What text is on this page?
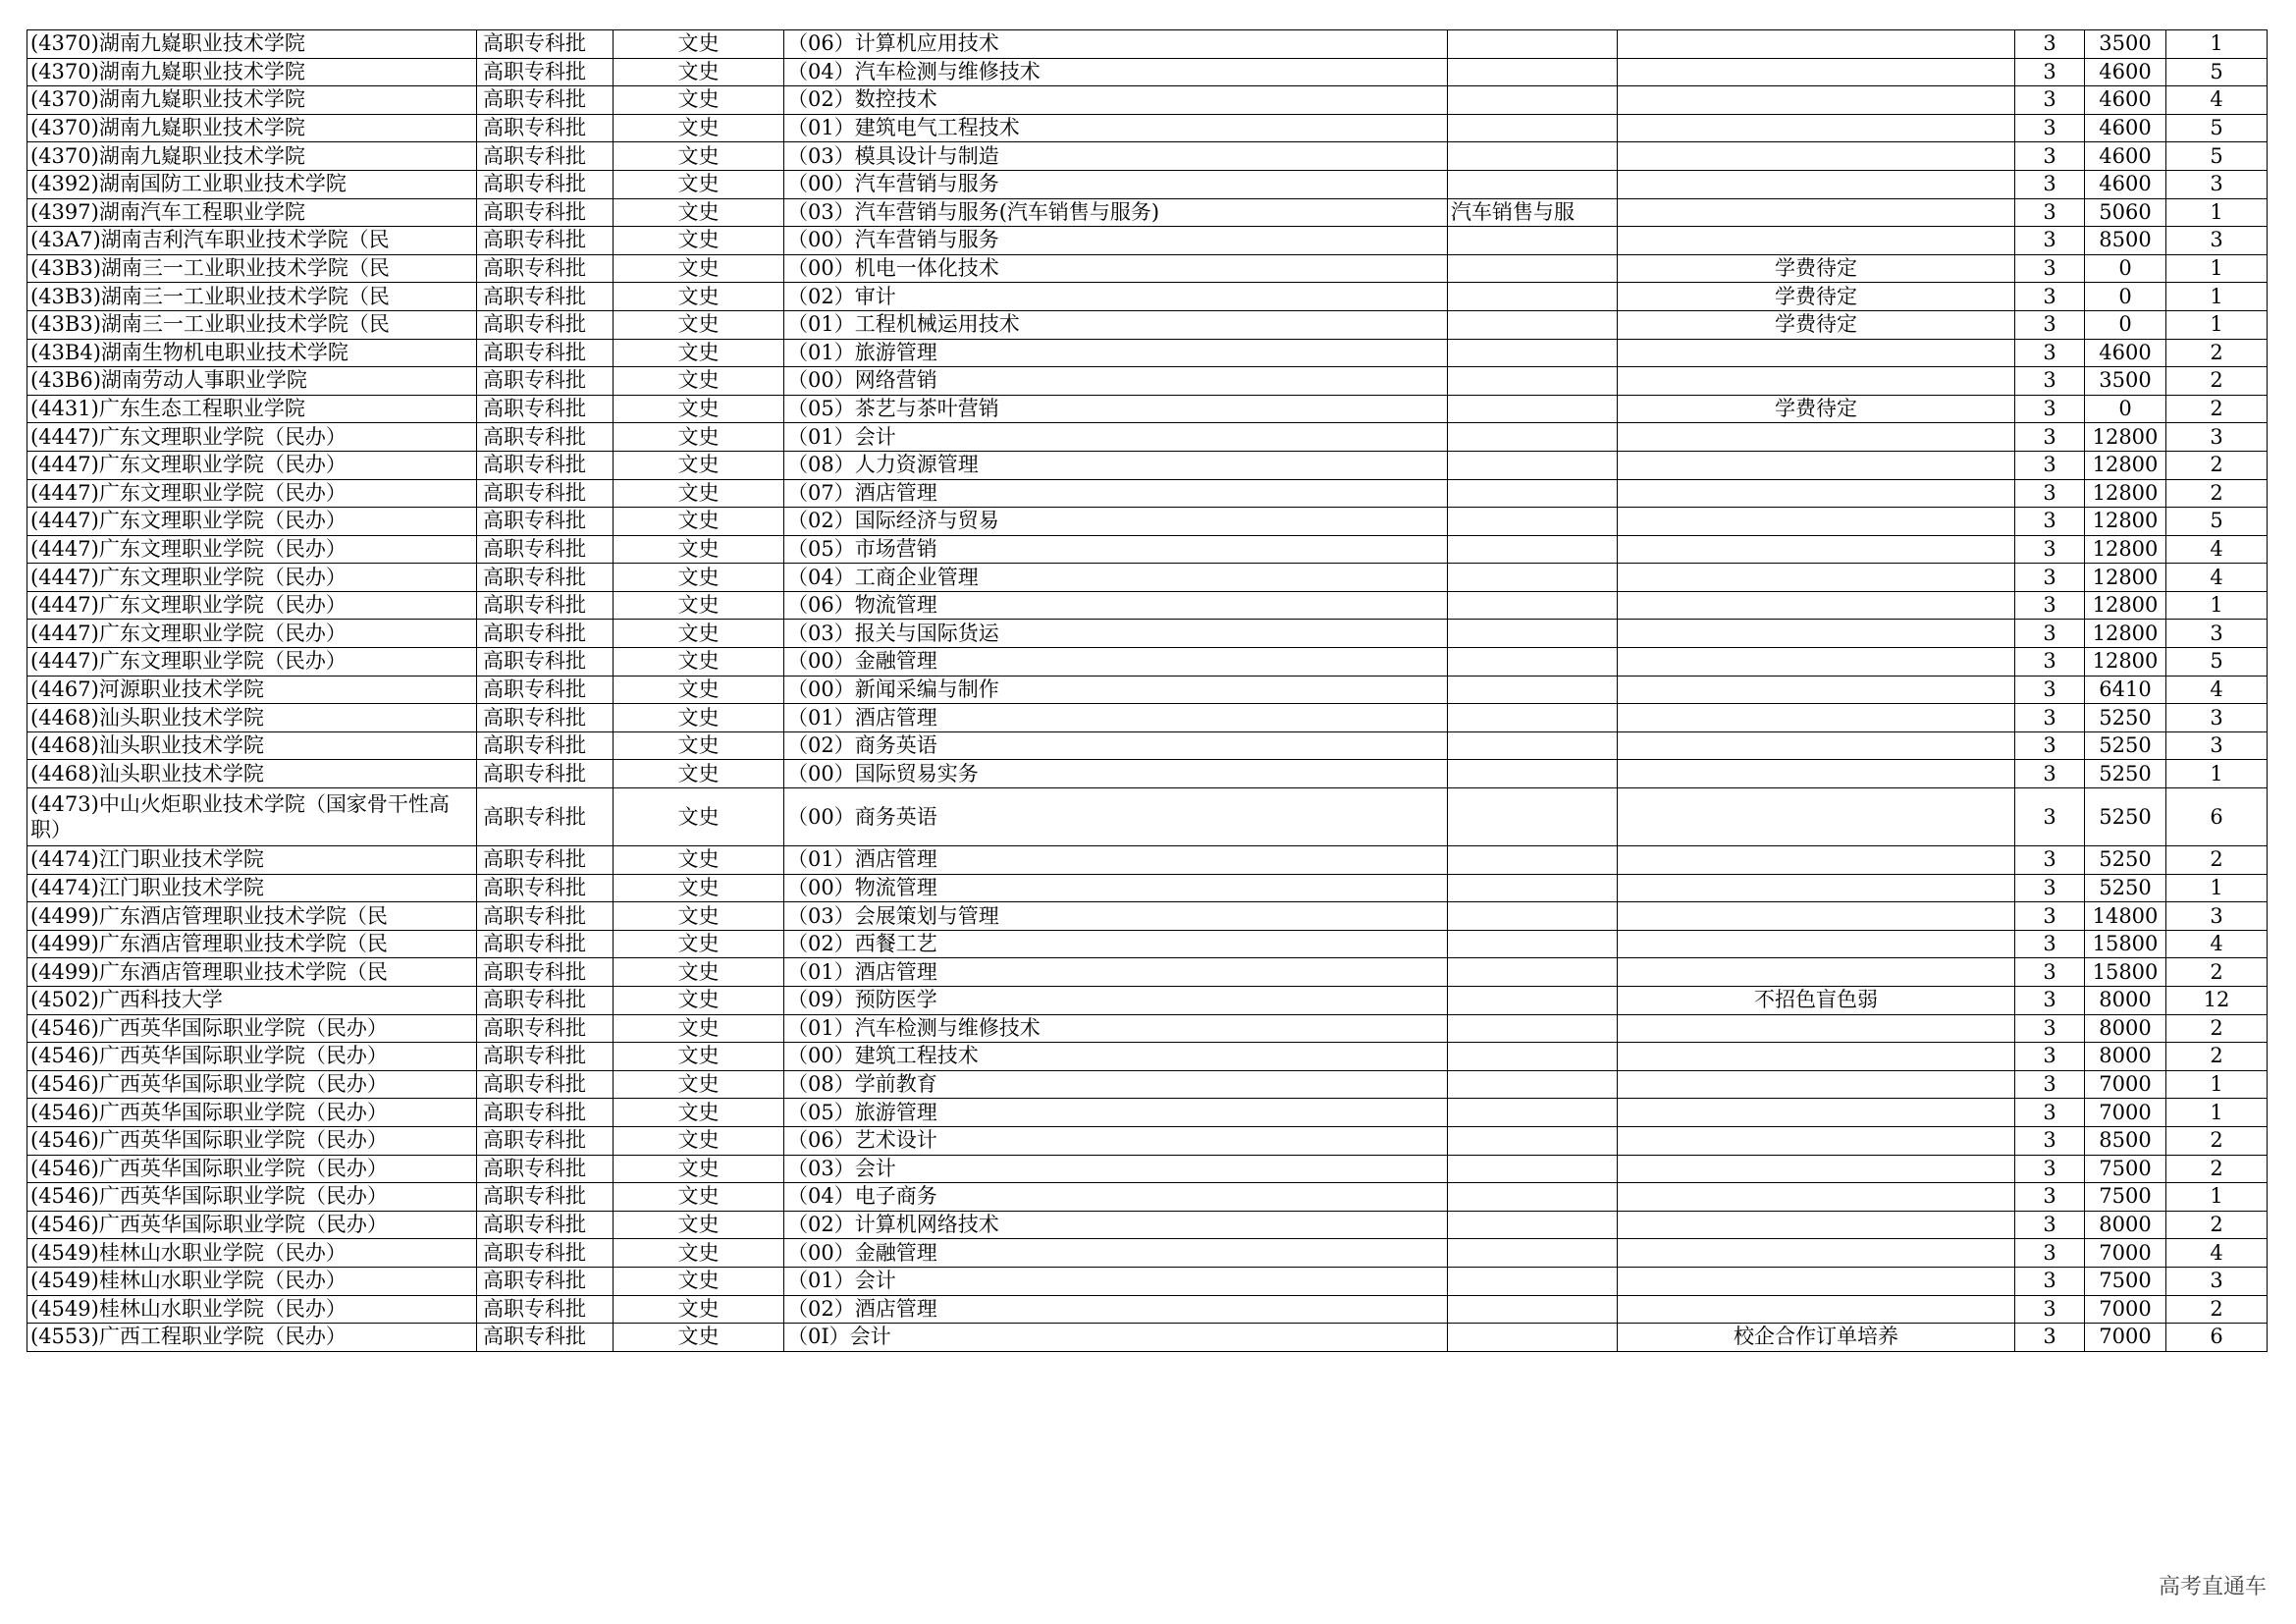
(4370)湖南九嶷职业技术学院	高职专科批	文史	（06）计算机应用技术			3	3500	1
(4370)湖南九嶷职业技术学院	高职专科批	文史	（04）汽车检测与维修技术			3	4600	5
(4370)湖南九嶷职业技术学院	高职专科批	文史	（02）数控技术			3	4600	4
(4370)湖南九嶷职业技术学院	高职专科批	文史	（01）建筑电气工程技术			3	4600	5
(4370)湖南九嶷职业技术学院	高职专科批	文史	（03）模具设计与制造			3	4600	5
(4392)湖南国防工业职业技术学院	高职专科批	文史	（00）汽车营销与服务			3	4600	3
(4397)湖南汽车工程职业学院	高职专科批	文史	（03）汽车营销与服务(汽车销售与服务)	汽车销售与服		3	5060	1
(43A7)湖南吉利汽车职业技术学院（民	高职专科批	文史	（00）汽车营销与服务			3	8500	3
(43B3)湖南三一工业职业技术学院（民	高职专科批	文史	（00）机电一体化技术		学费待定	3	0	1
(43B3)湖南三一工业职业技术学院（民	高职专科批	文史	（02）审计		学费待定	3	0	1
(43B3)湖南三一工业职业技术学院（民	高职专科批	文史	（01）工程机械运用技术		学费待定	3	0	1
(43B4)湖南生物机电职业技术学院	高职专科批	文史	（01）旅游管理			3	4600	2
(43B6)湖南劳动人事职业学院	高职专科批	文史	（00）网络营销			3	3500	2
(4431)广东生态工程职业学院	高职专科批	文史	（05）茶艺与茶叶营销		学费待定	3	0	2
(4447)广东文理职业学院（民办）	高职专科批	文史	（01）会计			3	12800	3
(4447)广东文理职业学院（民办）	高职专科批	文史	（08）人力资源管理			3	12800	2
(4447)广东文理职业学院（民办）	高职专科批	文史	（07）酒店管理			3	12800	2
(4447)广东文理职业学院（民办）	高职专科批	文史	（02）国际经济与贸易			3	12800	5
(4447)广东文理职业学院（民办）	高职专科批	文史	（05）市场营销			3	12800	4
(4447)广东文理职业学院（民办）	高职专科批	文史	（04）工商企业管理			3	12800	4
(4447)广东文理职业学院（民办）	高职专科批	文史	（06）物流管理			3	12800	1
(4447)广东文理职业学院（民办）	高职专科批	文史	（03）报关与国际货运			3	12800	3
(4447)广东文理职业学院（民办）	高职专科批	文史	（00）金融管理			3	12800	5
(4467)河源职业技术学院	高职专科批	文史	（00）新闻采编与制作			3	6410	4
(4468)汕头职业技术学院	高职专科批	文史	（01）酒店管理			3	5250	3
(4468)汕头职业技术学院	高职专科批	文史	（02）商务英语			3	5250	3
(4468)汕头职业技术学院	高职专科批	文史	（00）国际贸易实务			3	5250	1
(4473)中山火炬职业技术学院（国家骨干性高职）	高职专科批	文史	（00）商务英语			3	5250	6
(4474)江门职业技术学院	高职专科批	文史	（01）酒店管理			3	5250	2
(4474)江门职业技术学院	高职专科批	文史	（00）物流管理			3	5250	1
(4499)广东酒店管理职业技术学院（民	高职专科批	文史	（03）会展策划与管理			3	14800	3
(4499)广东酒店管理职业技术学院（民	高职专科批	文史	（02）西餐工艺			3	15800	4
(4499)广东酒店管理职业技术学院（民	高职专科批	文史	（01）酒店管理			3	15800	2
(4502)广西科技大学	高职专科批	文史	（09）预防医学		不招色盲色弱	3	8000	12
(4546)广西英华国际职业学院（民办）	高职专科批	文史	（01）汽车检测与维修技术			3	8000	2
(4546)广西英华国际职业学院（民办）	高职专科批	文史	（00）建筑工程技术			3	8000	2
(4546)广西英华国际职业学院（民办）	高职专科批	文史	（08）学前教育			3	7000	1
(4546)广西英华国际职业学院（民办）	高职专科批	文史	（05）旅游管理			3	7000	1
(4546)广西英华国际职业学院（民办）	高职专科批	文史	（06）艺术设计			3	8500	2
(4546)广西英华国际职业学院（民办）	高职专科批	文史	（03）会计			3	7500	2
(4546)广西英华国际职业学院（民办）	高职专科批	文史	（04）电子商务			3	7500	1
(4546)广西英华国际职业学院（民办）	高职专科批	文史	（02）计算机网络技术			3	8000	2
(4549)桂林山水职业学院（民办）	高职专科批	文史	（00）金融管理			3	7000	4
(4549)桂林山水职业学院（民办）	高职专科批	文史	（01）会计			3	7500	3
(4549)桂林山水职业学院（民办）	高职专科批	文史	（02）酒店管理			3	7000	2
(4553)广西工程职业学院（民办）	高职专科批	文史	（0I）会计		校企合作订单培养	3	7000	6
高考直通车
